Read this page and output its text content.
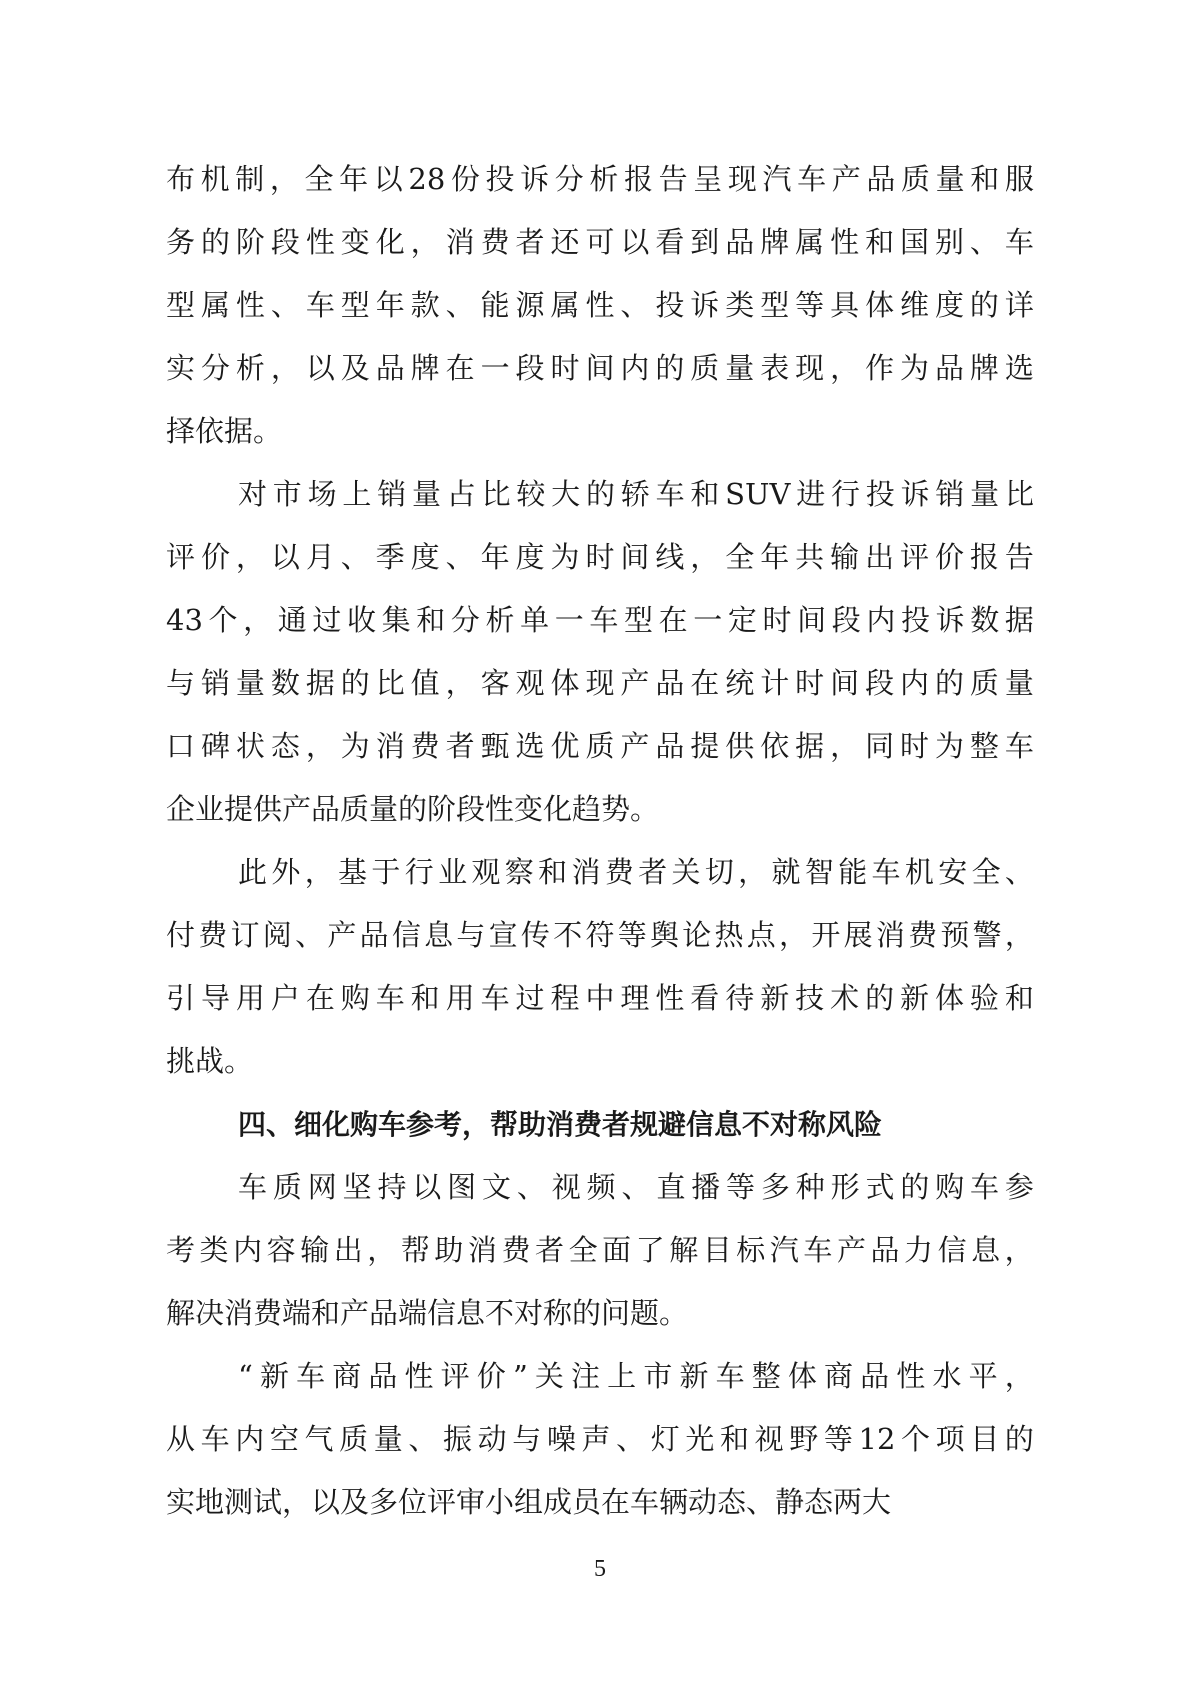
布 机 制 ， 全 年 以 28 份 投 诉 分 析 报 告 呈 现 汽 车 产 品 质 量 和 服
务 的 阶 段 性 变 化 ， 消 费 者 还 可 以 看 到 品 牌 属 性 和 国 别 、 车
型 属 性 、 车 型 年 款 、 能 源 属 性 、 投 诉 类 型 等 具 体 维 度 的 详
实 分 析 ， 以 及 品 牌 在 一 段 时 间 内 的 质 量 表 现 ， 作 为 品 牌 选
择依据。
对 市 场 上 销 量 占 比 较 大 的 轿 车 和 SUV 进 行 投 诉 销 量 比
评 价 ， 以 月 、 季 度 、 年 度 为 时 间 线 ， 全 年 共 输 出 评 价 报 告
43 个 ， 通 过 收 集 和 分 析 单 一 车 型 在 一 定 时 间 段 内 投 诉 数 据
与 销 量 数 据 的 比 值 ， 客 观 体 现 产 品 在 统 计 时 间 段 内 的 质 量
口 碑 状 态 ， 为 消 费 者 甄 选 优 质 产 品 提 供 依 据 ， 同 时 为 整 车
企业提供产品质量的阶段性变化趋势。
此 外 ， 基 于 行 业 观 察 和 消 费 者 关 切 ， 就 智 能 车 机 安 全 、
付 费 订 阅 、 产 品 信 息 与 宣 传 不 符 等 舆 论 热 点 ， 开 展 消 费 预 警 ，
引 导 用 户 在 购 车 和 用 车 过 程 中 理 性 看 待 新 技 术 的 新 体 验 和
挑战。
四、细化购车参考，帮助消费者规避信息不对称风险
车 质 网 坚 持 以 图 文 、 视 频 、 直 播 等 多 种 形 式 的 购 车 参
考 类 内 容 输 出 ， 帮 助 消 费 者 全 面 了 解 目 标 汽 车 产 品 力 信 息 ，
解决消费端和产品端信息不对称的问题。
“ 新 车 商 品 性 评 价 ” 关 注 上 市 新 车 整 体 商 品 性 水 平 ，
从 车 内 空 气 质 量 、 振 动 与 噪 声 、 灯 光 和 视 野 等 12 个 项 目 的
实地测试，以及多位评审小组成员在车辆动态、静态两大
5
